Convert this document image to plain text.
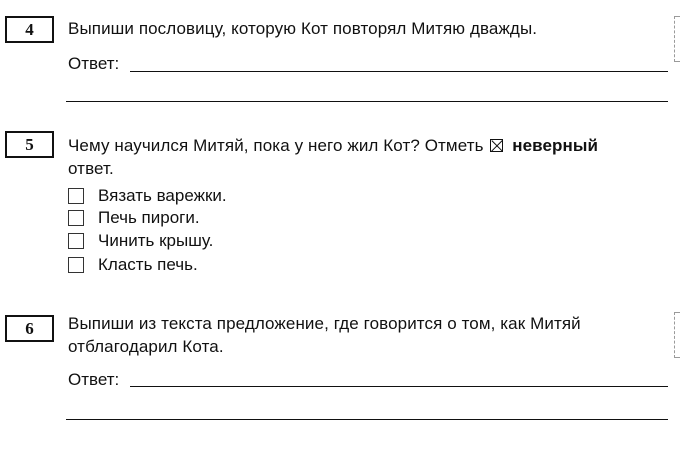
4 Выпиши пословицу, которую Кот повторял Митяю дважды.
Ответ:
5 Чему научился Митяй, пока у него жил Кот? Отметь неверный
ответ.
Вязать варежки.
Печь пироги.
Чинить крышу.
Класть печь.
6 Выпиши из текста предложение, где говорится о том, как Митяй
отблагодарил Кота.
Ответ:
